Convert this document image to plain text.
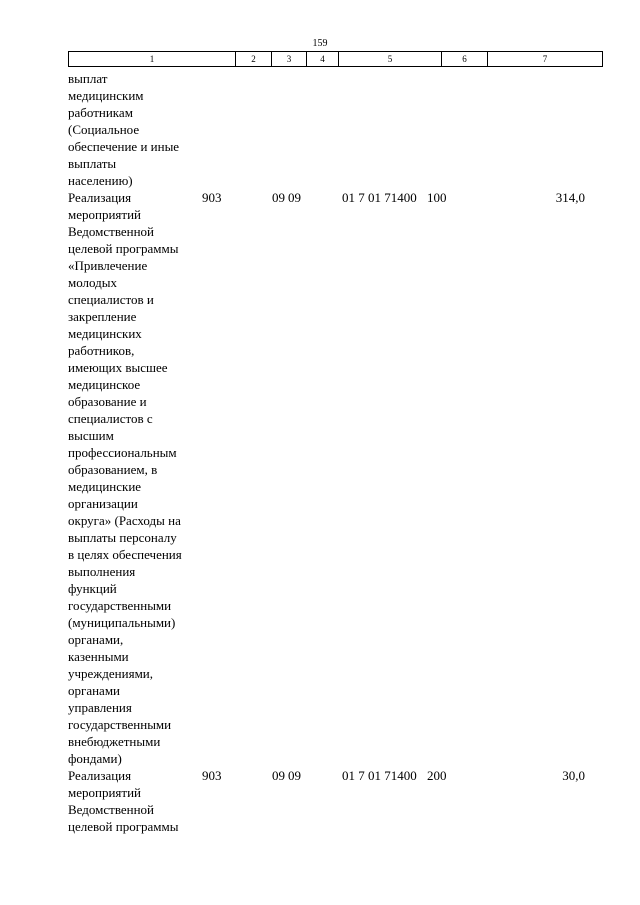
159
1	2	3	4	5	6	7
выплат
медицинским
работникам
(Социальное
обеспечение и иные
выплаты
населению)
Реализация
мероприятий
Ведомственной
целевой программы
«Привлечение
молодых
специалистов и
закрепление
медицинских
работников,
имеющих высшее
медицинское
образование и
специалистов с
высшим
профессиональным
образованием, в
медицинские
организации
округа» (Расходы на
выплаты персоналу
в целях обеспечения
выполнения
функций
государственными
(муниципальными)
органами,
казенными
учреждениями,
органами
управления
государственными
внебюджетными
фондами)
903	09 09	01 7 01 71400 100	314,0
Реализация
мероприятий
Ведомственной
целевой программы
903	09 09	01 7 01 71400 200	30,0
